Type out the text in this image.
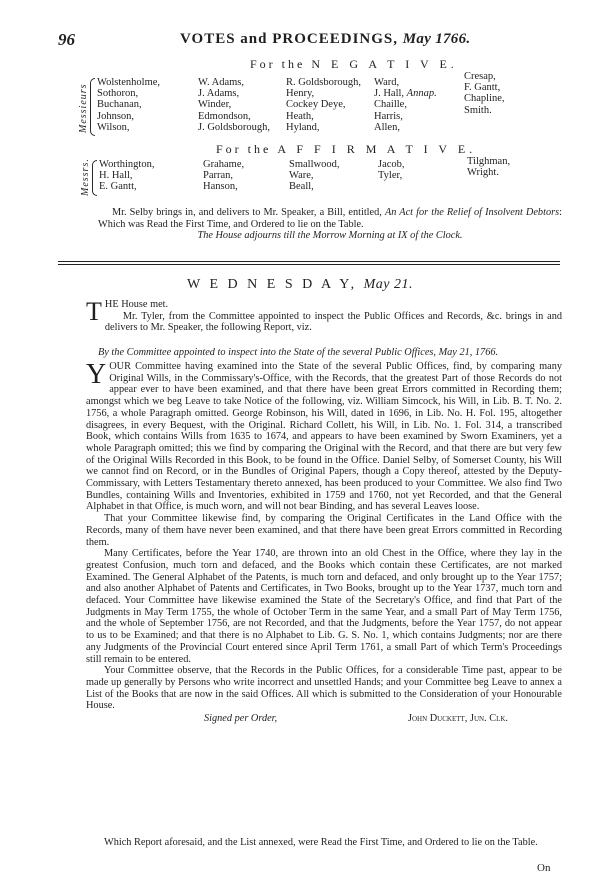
96	VOTES and PROCEEDINGS, May 1766.
For the N E G A T I V E.
Messieurs
Wolstenholme,
Sothoron,
Buchanan,
Johnson,
Wilson,
W. Adams,
J. Adams,
Winder,
Edmondson,
J. Goldsborough,
R. Goldsborough,
Henry,
Cockey Deye,
Heath,
Hyland,
Ward,
J. Hall, Annap.
Chaille,
Harris,
Allen,
Cresap,
F. Gantt,
Chapline,
Smith.
For the A F F I R M A T I V E.
Messrs. Worthington,
H. Hall,
E. Gantt,
Grahame,
Parran,
Hanson,
Smallwood,
Ware,
Beall,
Jacob,
Tyler,
Tilghman,
Wright.

Mr. Selby brings in, and delivers to Mr. Speaker, a Bill, entitled, An Act for the Relief of Insolvent Debtors: Which was Read the First Time, and Ordered to lie on the Table.

The House adjourns till the Morrow Morning at IX of the Clock.

W E D N E S D A Y, May 21.
T HE House met.

Mr. Tyler, from the Committee appointed to inspect the Public Offices and Records, &c. brings in and delivers to Mr. Speaker, the following Report, viz.

By the Committee appointed to inspect into the State of the several Public Offices, May 21, 1766.
Y OUR Committee having examined into the State of the several Public Offices, find, by comparing many Original Wills, in the Commissary's-Office, with the Records, that the greatest Part of those Records do not appear ever to have been examined, and that there have been great Errors committed in Recording them; amongst which we beg Leave to take Notice of the following, viz. William Simcock, his Will, in Lib. B. T. No. 2. 1756, a whole Paragraph omitted. George Robinson, his Will, dated in 1696, in Lib. No. H. Fol. 195, altogether disagrees, in every Bequest, with the Original. Richard Collett, his Will, in Lib. No. 1. Fol. 314, a transcribed Book, which contains Wills from 1635 to 1674, and appears to have been examined by Sworn Examiners, yet a whole Paragraph omitted; this we find by comparing the Original with the Record, and that there are but very few of the Original Wills Recorded in this Book, to be found in the Office. Daniel Selby, of Somerset County, his Will we cannot find on Record, or in the Bundles of Original Papers, though a Copy thereof, attested by the Deputy-Commissary, with Letters Testamentary thereto annexed, has been produced to your Committee. We also find Two Bundles, containing Wills and Inventories, exhibited in 1759 and 1760, not yet Recorded, and that the General Alphabet in that Office, is much worn, and will not bear Binding, and has several Leaves loose.

That your Committee likewise find, by comparing the Original Certificates in the Land Office with the Records, many of them have never been examined, and that there have been great Errors committed in Recording them.

Many Certificates, before the Year 1740, are thrown into an old Chest in the Office, where they lay in the greatest Confusion, much torn and defaced, and the Books which contain these Certificates, are not marked Examined. The General Alphabet of the Patents, is much torn and defaced, and only brought up to the Year 1757; and also another Alphabet of Patents and Certificates, in Two Books, brought up to the Year 1737, much torn and defaced. Your Committee have likewise examined the State of the Secretary's Office, and find that Part of the Judgments in May Term 1755, the whole of October Term in the same Year, and a small Part of May Term 1756, and the whole of September 1756, are not Recorded, and that the Judgments, before the Year 1757, do not appear to us to be Examined; and that there is no Alphabet to Lib. G. S. No. 1, which contains Judgments; nor are there any Judgments of the Provincial Court entered since April Term 1761, a small Part of which Term's Proceedings still remain to be entered.

Your Committee observe, that the Records in the Public Offices, for a considerable Time past, appear to be made up generally by Persons who write incorrect and unsettled Hands; and your Committee beg Leave to annex a List of the Books that are now in the said Offices. All which is submitted to the Consideration of your Honourable House.

Signed per Order,	John Duckett, Jun. Clk.

Which Report aforesaid, and the List annexed, were Read the First Time, and Ordered to lie on the Table.

On
